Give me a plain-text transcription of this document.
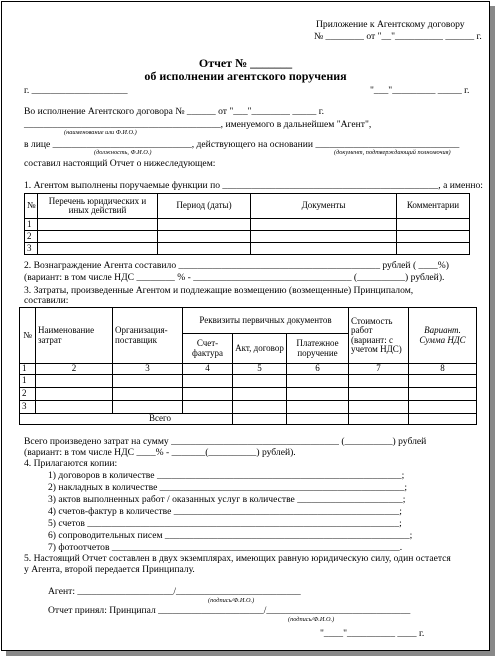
Приложение к Агентскому договору
№ ________ от "__"__________ ______ г.
Отчет № _______
об исполнении агентского поручения
г. ____________________	"___"_________ _____ г.
Во исполнение Агентского договора № ______ от "___"________ _____ г.
_________________________________________, именуемого в дальнейшем "Агент",
(наименование или Ф.И.О.)
в лице _____________________________, действующего на основании ______________________________
(должность, Ф.И.О.)	(документ, подтверждающий полномочия)
составил настоящий Отчет о нижеследующем:
1. Агентом выполнены поручаемые функции по _____________________________________________, а именно:
№	Перечень юридических и иных действий	Период (даты)	Документы	Комментарии
1				
2				
3				
2. Вознаграждение Агента составило __________________________________________ рублей ( ____%)
(вариант: в том числе НДС ________ % - _________________________________ (__________) рублей).
3. Затраты, произведенные Агентом и подлежащие возмещению (возмещенные) Принципалом,
составили:
№	Наименование затрат	Организация-поставщик	Реквизиты первичных документов			Стоимость работ (вариант: с учетом НДС)	Вариант. Сумма НДС
			Счет-фактура	Акт, договор	Платежное поручение		
1	2	3	4	5	6	7	8
1							
2							
3							
Всего							
Всего произведено затрат на сумму ___________________________________ (__________) рублей
(вариант: в том числе НДС ____% - _______(__________) рублей).
4. Прилагаются копии:
1) договоров в количестве ___________________________________________________;
2) накладных в количестве ___________________________________________________;
3) актов выполненных работ / оказанных услуг в количестве ______________________;
4) счетов-фактур в количестве _______________________________________________;
5) счетов _________________________________________________________________;
6) сопроводительных писем ___________________________________________________;
7) фотоотчетов ____________________________________________________________.
5. Настоящий Отчет составлен в двух экземплярах, имеющих равную юридическую силу, один остается
у Агента, второй передается Принципалу.
Агент: ____________________/__________________________
(подпись/Ф.И.О.)
Отчет принял: Принципал ______________________/______________________________
(подпись/Ф.И.О.)
"____"__________ ____ г.
